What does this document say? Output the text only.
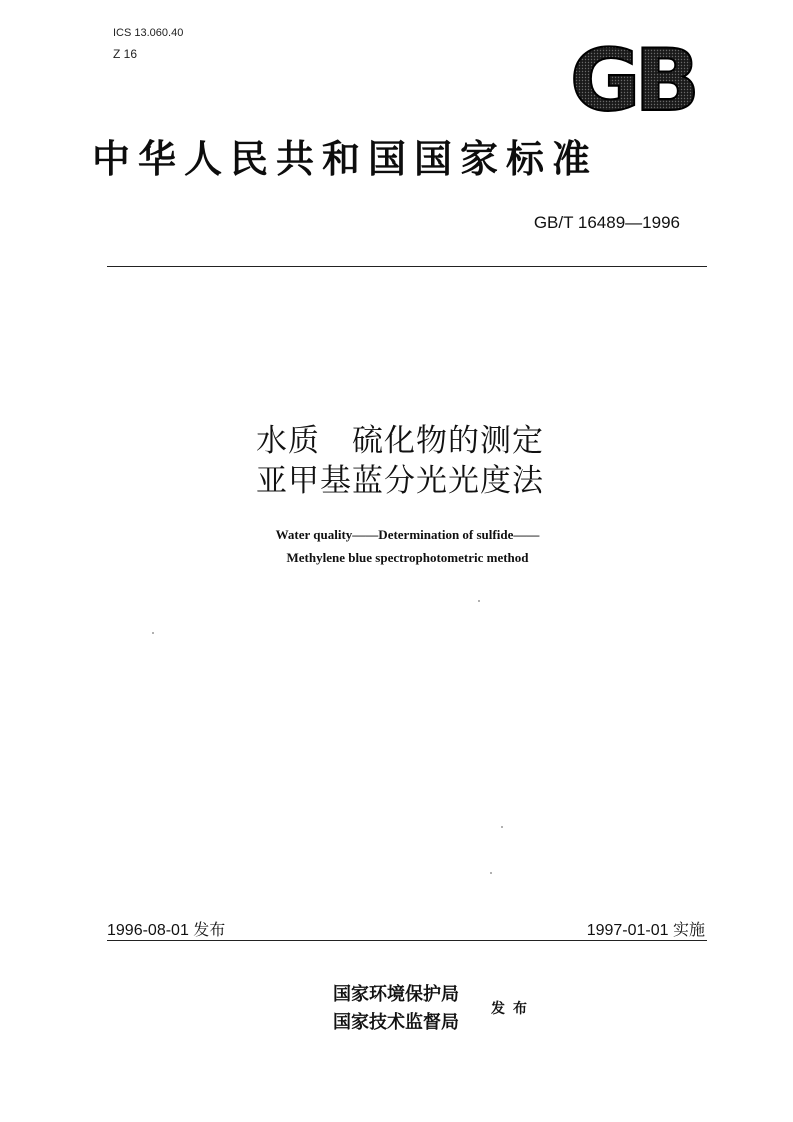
ICS 13.060.40
Z 16	GB
中华人民共和国国家标准
GB/T 16489—1996
水质　硫化物的测定
亚甲基蓝分光光度法
Water quality——Determination of sulfide——
Methylene blue spectrophotometric method
1996-08-01 发布	1997-01-01 实施
国家环境保护局
国家技术监督局
发布
